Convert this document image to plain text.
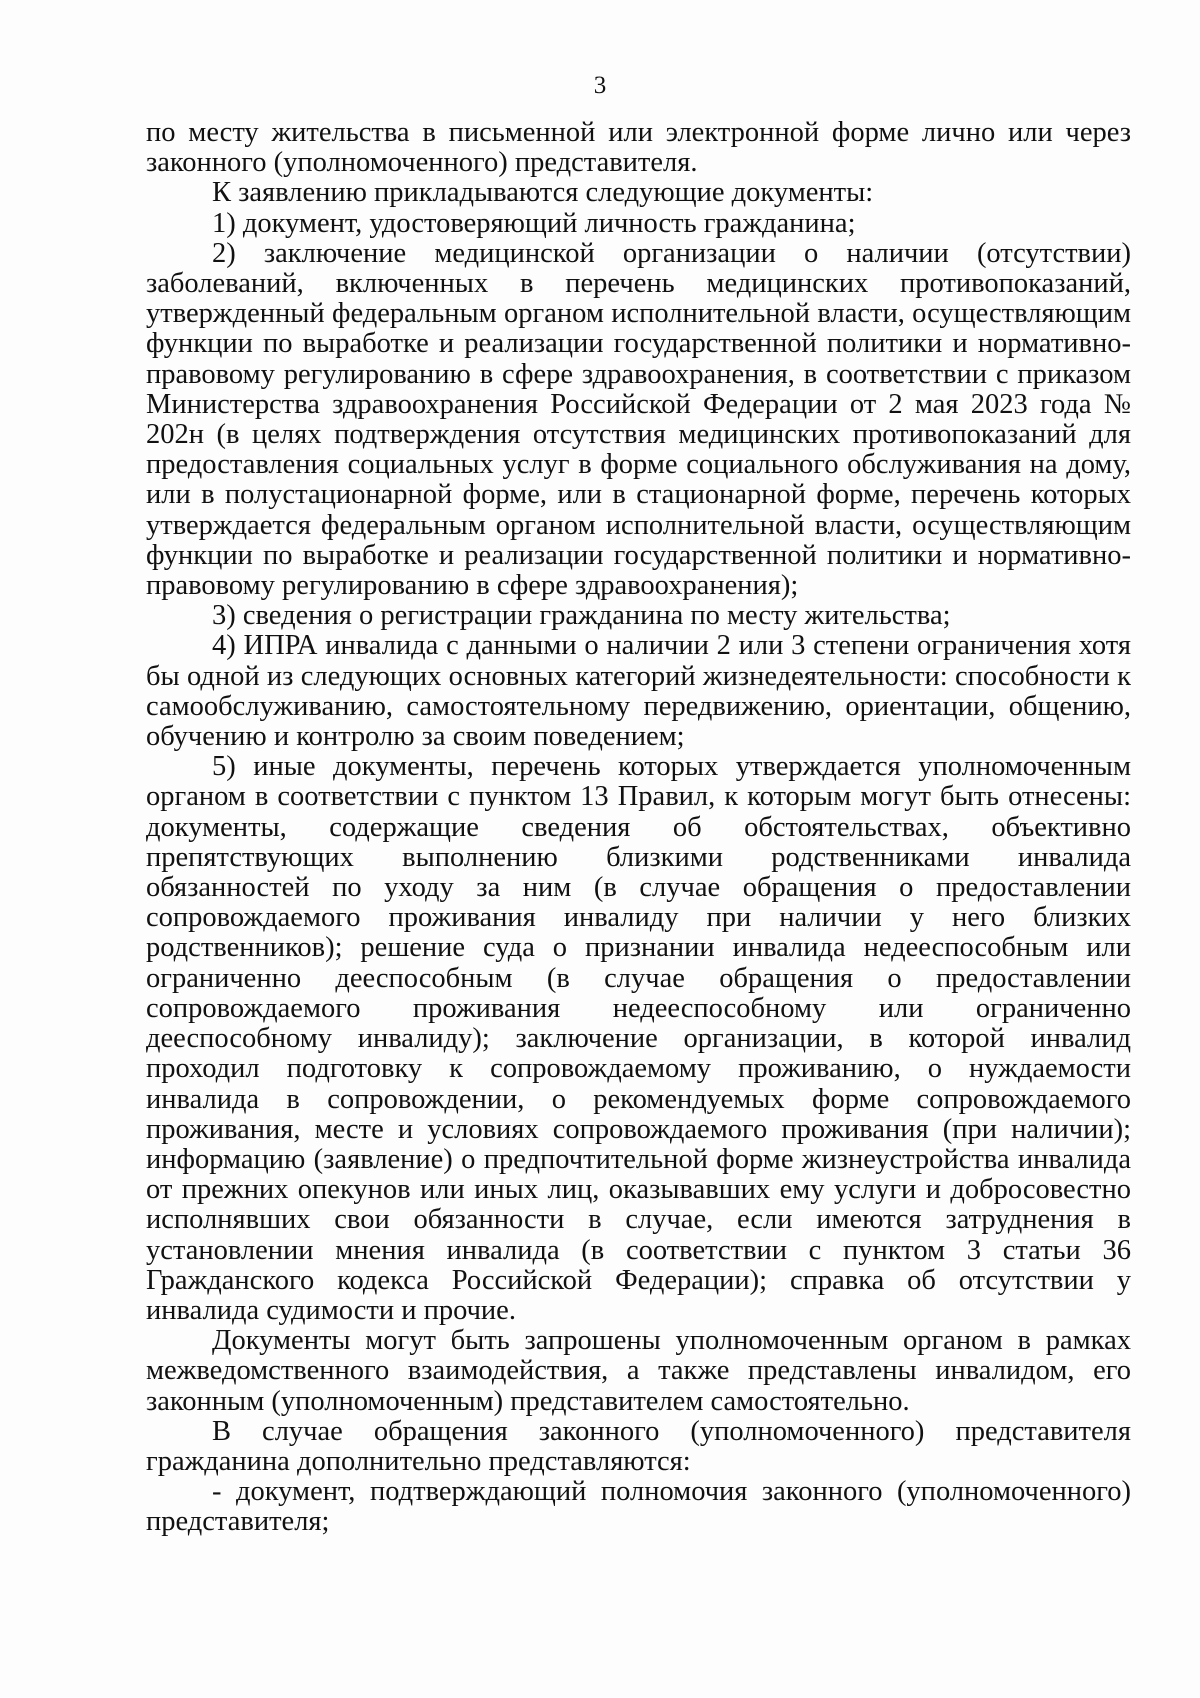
3

по месту жительства в письменной или электронной форме лично или через законного (уполномоченного) представителя.

К заявлению прикладываются следующие документы:

1) документ, удостоверяющий личность гражданина;

2) заключение медицинской организации о наличии (отсутствии) заболеваний, включенных в перечень медицинских противопоказаний, утвержденный федеральным органом исполнительной власти, осуществляющим функции по выработке и реализации государственной политики и нормативно-правовому регулированию в сфере здравоохранения, в соответствии с приказом Министерства здравоохранения Российской Федерации от 2 мая 2023 года № 202н (в целях подтверждения отсутствия медицинских противопоказаний для предоставления социальных услуг в форме социального обслуживания на дому, или в полустационарной форме, или в стационарной форме, перечень которых утверждается федеральным органом исполнительной власти, осуществляющим функции по выработке и реализации государственной политики и нормативно-правовому регулированию в сфере здравоохранения);

3) сведения о регистрации гражданина по месту жительства;

4) ИПРА инвалида с данными о наличии 2 или 3 степени ограничения хотя бы одной из следующих основных категорий жизнедеятельности: способности к самообслуживанию, самостоятельному передвижению, ориентации, общению, обучению и контролю за своим поведением;

5) иные документы, перечень которых утверждается уполномоченным органом в соответствии с пунктом 13 Правил, к которым могут быть отнесены: документы, содержащие сведения об обстоятельствах, объективно препятствующих выполнению близкими родственниками инвалида обязанностей по уходу за ним (в случае обращения о предоставлении сопровождаемого проживания инвалиду при наличии у него близких родственников); решение суда о признании инвалида недееспособным или ограниченно дееспособным (в случае обращения о предоставлении сопровождаемого проживания недееспособному или ограниченно дееспособному инвалиду); заключение организации, в которой инвалид проходил подготовку к сопровождаемому проживанию, о нуждаемости инвалида в сопровождении, о рекомендуемых форме сопровождаемого проживания, месте и условиях сопровождаемого проживания (при наличии); информацию (заявление) о предпочтительной форме жизнеустройства инвалида от прежних опекунов или иных лиц, оказывавших ему услуги и добросовестно исполнявших свои обязанности в случае, если имеются затруднения в установлении мнения инвалида (в соответствии с пунктом 3 статьи 36 Гражданского кодекса Российской Федерации); справка об отсутствии у инвалида судимости и прочие.

Документы могут быть запрошены уполномоченным органом в рамках межведомственного взаимодействия, а также представлены инвалидом, его законным (уполномоченным) представителем самостоятельно.

В случае обращения законного (уполномоченного) представителя гражданина дополнительно представляются:

- документ, подтверждающий полномочия законного (уполномоченного) представителя;
